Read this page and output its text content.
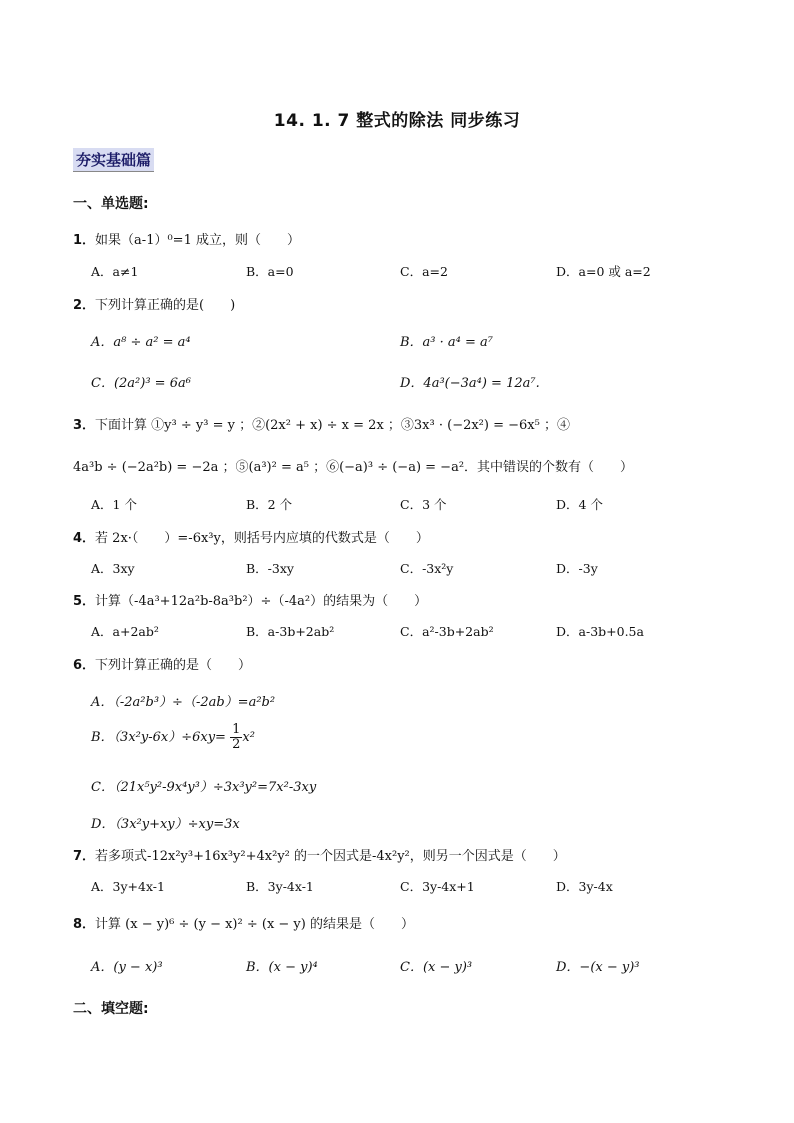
14. 1. 7 整式的除法 同步练习
夯实基础篇
一、单选题:
1．如果（a-1）⁰=1 成立，则（　　）
A．a≠1	B．a=0	C．a=2	D．a=0 或 a=2
2．下列计算正确的是(　　)
A．a⁸ ÷ a² = a⁴	B．a³ · a⁴ = a⁷
C．(2a²)³ = 6a⁶	D．4a³(−3a⁴) = 12a⁷.
3．下面计算 ①y³ ÷ y³ = y ；②(2x² + x) ÷ x = 2x ；③3x³ · (−2x²) = −6x⁵ ；④
4a³b ÷ (−2a²b) = −2a ；⑤(a³)² = a⁵ ；⑥(−a)³ ÷ (−a) = −a²．其中错误的个数有（　　）
A．1 个	B．2 个	C．3 个	D．4 个
4．若 2x·（　　）=-6x³y，则括号内应填的代数式是（　　）
A．3xy	B．-3xy	C．-3x²y	D．-3y
5．计算（-4a³+12a²b-8a³b²）÷（-4a²）的结果为（　　）
A．a+2ab²	B．a-3b+2ab²	C．a²-3b+2ab²	D．a-3b+0.5a
6．下列计算正确的是（　　）
A．（-2a²b³）÷（-2ab）=a²b²
B．$(3x^2y-6x)\div 6xy= \frac{1}{2} x^2$
C．（21x⁵y²-9x⁴y³）÷3x³y²=7x²-3xy
D．（3x²y+xy）÷xy=3x
7．若多项式-12x²y³+16x³y²+4x²y² 的一个因式是-4x²y²，则另一个因式是（　　）
A．3y+4x-1	B．3y-4x-1	C．3y-4x+1	D．3y-4x
8．计算 (x − y)⁶ ÷ (y − x)² ÷ (x − y) 的结果是（　　）
A．(y − x)³	B．(x − y)⁴	C．(x − y)³	D．−(x − y)³
二、填空题:
